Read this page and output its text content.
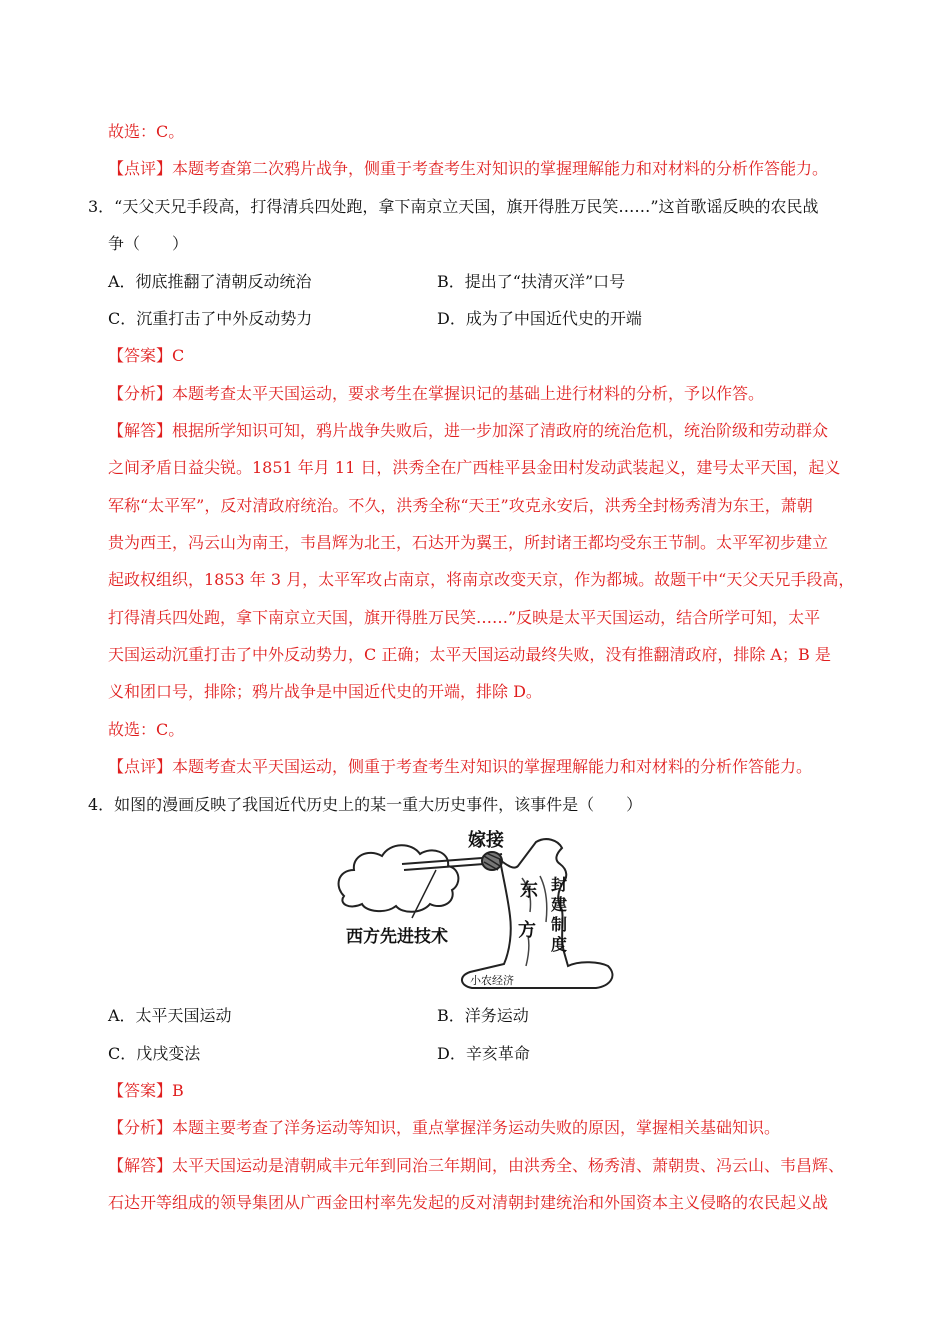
故选：C。
【点评】本题考查第二次鸦片战争，侧重于考查考生对知识的掌握理解能力和对材料的分析作答能力。
3．“天父天兄手段高，打得清兵四处跑，拿下南京立天国，旗开得胜万民笑……”这首歌谣反映的农民战
争（　　）
A．彻底推翻了清朝反动统治	B．提出了“扶清灭洋”口号
C．沉重打击了中外反动势力	D．成为了中国近代史的开端
【答案】C
【分析】本题考查太平天国运动，要求考生在掌握识记的基础上进行材料的分析，予以作答。
【解答】根据所学知识可知，鸦片战争失败后，进一步加深了清政府的统治危机，统治阶级和劳动群众
之间矛盾日益尖锐。1851 年月 11 日，洪秀全在广西桂平县金田村发动武装起义，建号太平天国，起义
军称“太平军”，反对清政府统治。不久，洪秀全称“天王”攻克永安后，洪秀全封杨秀清为东王，萧朝
贵为西王，冯云山为南王，韦昌辉为北王，石达开为翼王，所封诸王都均受东王节制。太平军初步建立
起政权组织，1853 年 3 月，太平军攻占南京，将南京改变天京，作为都城。故题干中“天父天兄手段高，
打得清兵四处跑，拿下南京立天国，旗开得胜万民笑……”反映是太平天国运动，结合所学可知，太平
天国运动沉重打击了中外反动势力，C 正确；太平天国运动最终失败，没有推翻清政府，排除 A；B 是
义和团口号，排除；鸦片战争是中国近代史的开端，排除 D。
故选：C。
【点评】本题考查太平天国运动，侧重于考查考生对知识的掌握理解能力和对材料的分析作答能力。
4．如图的漫画反映了我国近代历史上的某一重大历史事件，该事件是（　　）
嫁接
东
方
封
建
制
度
西方先进技术
小农经济
A．太平天国运动	B．洋务运动
C．戊戌变法	D．辛亥革命
【答案】B
【分析】本题主要考查了洋务运动等知识，重点掌握洋务运动失败的原因，掌握相关基础知识。
【解答】太平天国运动是清朝咸丰元年到同治三年期间，由洪秀全、杨秀清、萧朝贵、冯云山、韦昌辉、
石达开等组成的领导集团从广西金田村率先发起的反对清朝封建统治和外国资本主义侵略的农民起义战
